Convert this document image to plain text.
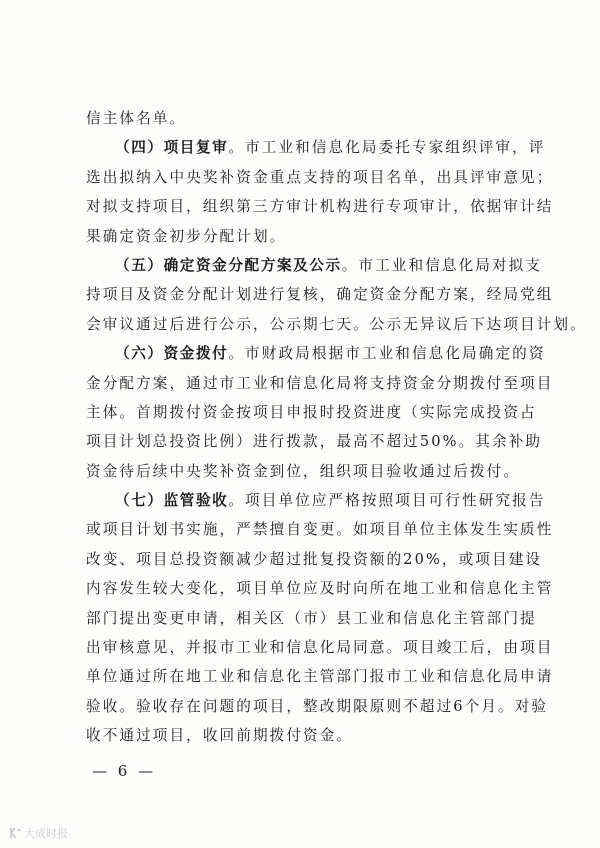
信主体名单。
（四）项目复审。市工业和信息化局委托专家组织评审，评
选出拟纳入中央奖补资金重点支持的项目名单，出具评审意见；
对拟支持项目，组织第三方审计机构进行专项审计，依据审计结
果确定资金初步分配计划。
（五）确定资金分配方案及公示。市工业和信息化局对拟支
持项目及资金分配计划进行复核，确定资金分配方案，经局党组
会审议通过后进行公示，公示期七天。公示无异议后下达项目计划。
（六）资金拨付。市财政局根据市工业和信息化局确定的资
金分配方案，通过市工业和信息化局将支持资金分期拨付至项目
主体。首期拨付资金按项目申报时投资进度（实际完成投资占
项目计划总投资比例）进行拨款，最高不超过50%。其余补助
资金待后续中央奖补资金到位，组织项目验收通过后拨付。
（七）监管验收。项目单位应严格按照项目可行性研究报告
或项目计划书实施，严禁擅自变更。如项目单位主体发生实质性
改变、项目总投资额减少超过批复投资额的20%，或项目建设
内容发生较大变化，项目单位应及时向所在地工业和信息化主管
部门提出变更申请，相关区（市）县工业和信息化主管部门提
出审核意见，并报市工业和信息化局同意。项目竣工后，由项目
单位通过所在地工业和信息化主管部门报市工业和信息化局申请
验收。验收存在问题的项目，整改期限原则不超过6个月。对验
收不通过项目，收回前期拨付资金。
— 6 —
大成时报
